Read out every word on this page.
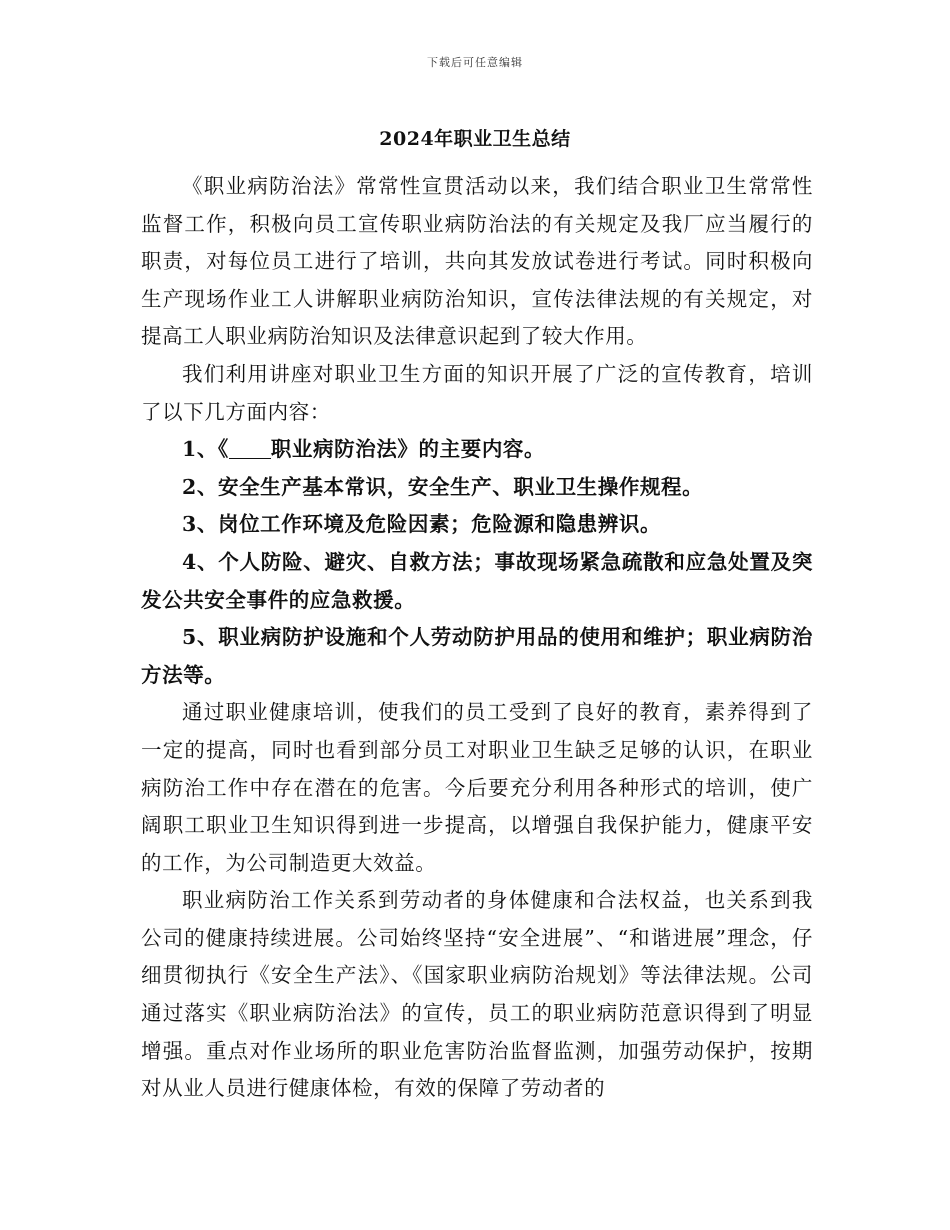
下载后可任意编辑
2024年职业卫生总结

《职业病防治法》常常性宣贯活动以来，我们结合职业卫生常常性监督工作，积极向员工宣传职业病防治法的有关规定及我厂应当履行的职责，对每位员工进行了培训，共向其发放试卷进行考试。同时积极向生产现场作业工人讲解职业病防治知识，宣传法律法规的有关规定，对提高工人职业病防治知识及法律意识起到了较大作用。

我们利用讲座对职业卫生方面的知识开展了广泛的宣传教育，培训了以下几方面内容：

1、《 职业病防治法》的主要内容。

2、安全生产基本常识，安全生产、职业卫生操作规程。

3、岗位工作环境及危险因素；危险源和隐患辨识。

4、个人防险、避灾、自救方法；事故现场紧急疏散和应急处置及突发公共安全事件的应急救援。

5、职业病防护设施和个人劳动防护用品的使用和维护；职业病防治方法等。

通过职业健康培训，使我们的员工受到了良好的教育，素养得到了一定的提高，同时也看到部分员工对职业卫生缺乏足够的认识，在职业病防治工作中存在潜在的危害。今后要充分利用各种形式的培训，使广阔职工职业卫生知识得到进一步提高，以增强自我保护能力，健康平安的工作，为公司制造更大效益。

职业病防治工作关系到劳动者的身体健康和合法权益，也关系到我公司的健康持续进展。公司始终坚持“安全进展”、“和谐进展”理念，仔细贯彻执行《安全生产法》、《国家职业病防治规划》等法律法规。公司通过落实《职业病防治法》的宣传，员工的职业病防范意识得到了明显增强。重点对作业场所的职业危害防治监督监测，加强劳动保护，按期对从业人员进行健康体检，有效的保障了劳动者的
